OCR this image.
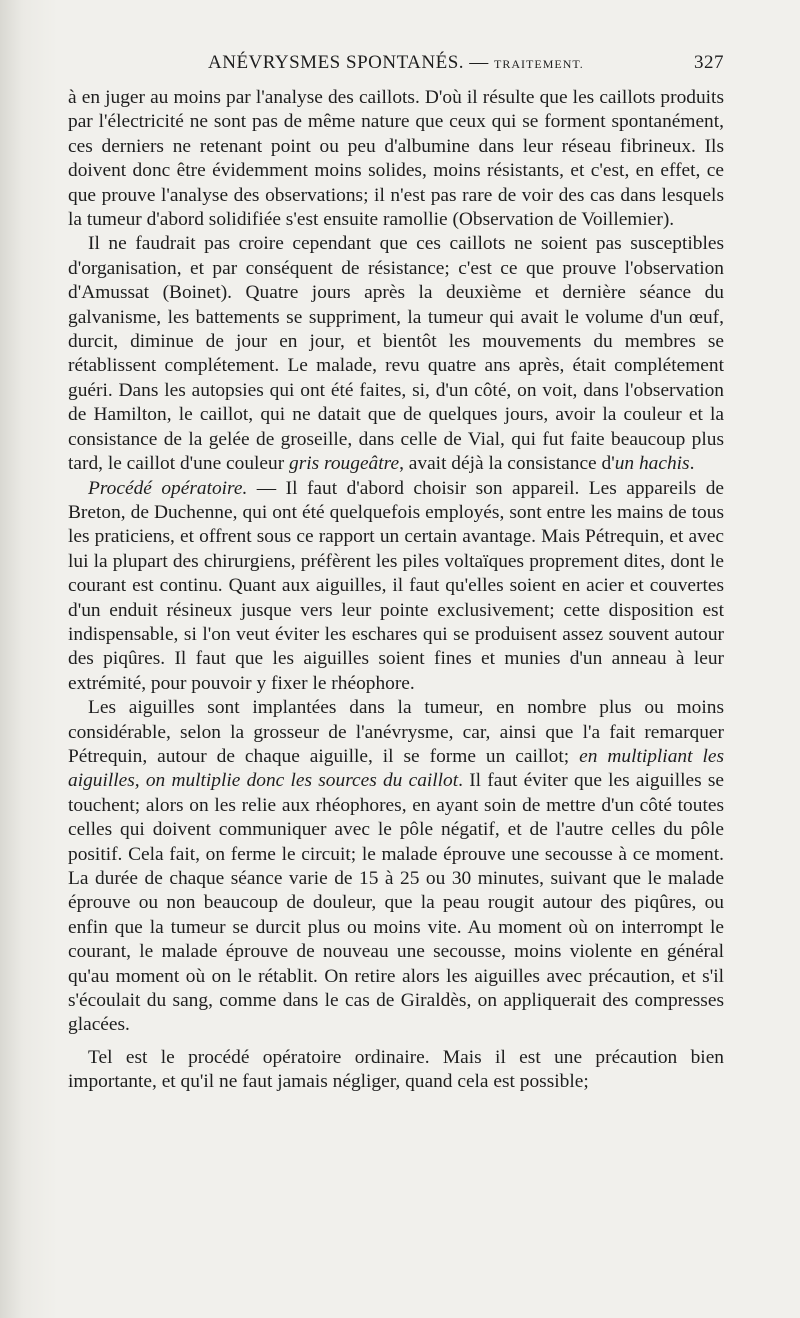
ANÉVRYSMES SPONTANÉS. — TRAITEMENT.	327

à en juger au moins par l'analyse des caillots. D'où il résulte que les caillots produits par l'électricité ne sont pas de même nature que ceux qui se forment spontanément, ces derniers ne retenant point ou peu d'albumine dans leur réseau fibrineux. Ils doivent donc être évidemment moins solides, moins résistants, et c'est, en effet, ce que prouve l'analyse des observations; il n'est pas rare de voir des cas dans lesquels la tumeur d'abord solidifiée s'est ensuite ramollie (Observation de Voillemier).

Il ne faudrait pas croire cependant que ces caillots ne soient pas susceptibles d'organisation, et par conséquent de résistance; c'est ce que prouve l'observation d'Amussat (Boinet). Quatre jours après la deuxième et dernière séance du galvanisme, les battements se suppriment, la tumeur qui avait le volume d'un œuf, durcit, diminue de jour en jour, et bientôt les mouvements du membres se rétablissent complétement. Le malade, revu quatre ans après, était complétement guéri. Dans les autopsies qui ont été faites, si, d'un côté, on voit, dans l'observation de Hamilton, le caillot, qui ne datait que de quelques jours, avoir la couleur et la consistance de la gelée de groseille, dans celle de Vial, qui fut faite beaucoup plus tard, le caillot d'une couleur gris rougeâtre, avait déjà la consistance d'un hachis.

Procédé opératoire. — Il faut d'abord choisir son appareil. Les appareils de Breton, de Duchenne, qui ont été quelquefois employés, sont entre les mains de tous les praticiens, et offrent sous ce rapport un certain avantage. Mais Pétrequin, et avec lui la plupart des chirurgiens, préfèrent les piles voltaïques proprement dites, dont le courant est continu. Quant aux aiguilles, il faut qu'elles soient en acier et couvertes d'un enduit résineux jusque vers leur pointe exclusivement; cette disposition est indispensable, si l'on veut éviter les eschares qui se produisent assez souvent autour des piqûres. Il faut que les aiguilles soient fines et munies d'un anneau à leur extrémité, pour pouvoir y fixer le rhéophore.

Les aiguilles sont implantées dans la tumeur, en nombre plus ou moins considérable, selon la grosseur de l'anévrysme, car, ainsi que l'a fait remarquer Pétrequin, autour de chaque aiguille, il se forme un caillot; en multipliant les aiguilles, on multiplie donc les sources du caillot. Il faut éviter que les aiguilles se touchent; alors on les relie aux rhéophores, en ayant soin de mettre d'un côté toutes celles qui doivent communiquer avec le pôle négatif, et de l'autre celles du pôle positif. Cela fait, on ferme le circuit; le malade éprouve une secousse à ce moment. La durée de chaque séance varie de 15 à 25 ou 30 minutes, suivant que le malade éprouve ou non beaucoup de douleur, que la peau rougit autour des piqûres, ou enfin que la tumeur se durcit plus ou moins vite. Au moment où on interrompt le courant, le malade éprouve de nouveau une secousse, moins violente en général qu'au moment où on le rétablit. On retire alors les aiguilles avec précaution, et s'il s'écoulait du sang, comme dans le cas de Giraldès, on appliquerait des compresses glacées.

Tel est le procédé opératoire ordinaire. Mais il est une précaution bien importante, et qu'il ne faut jamais négliger, quand cela est possible;
